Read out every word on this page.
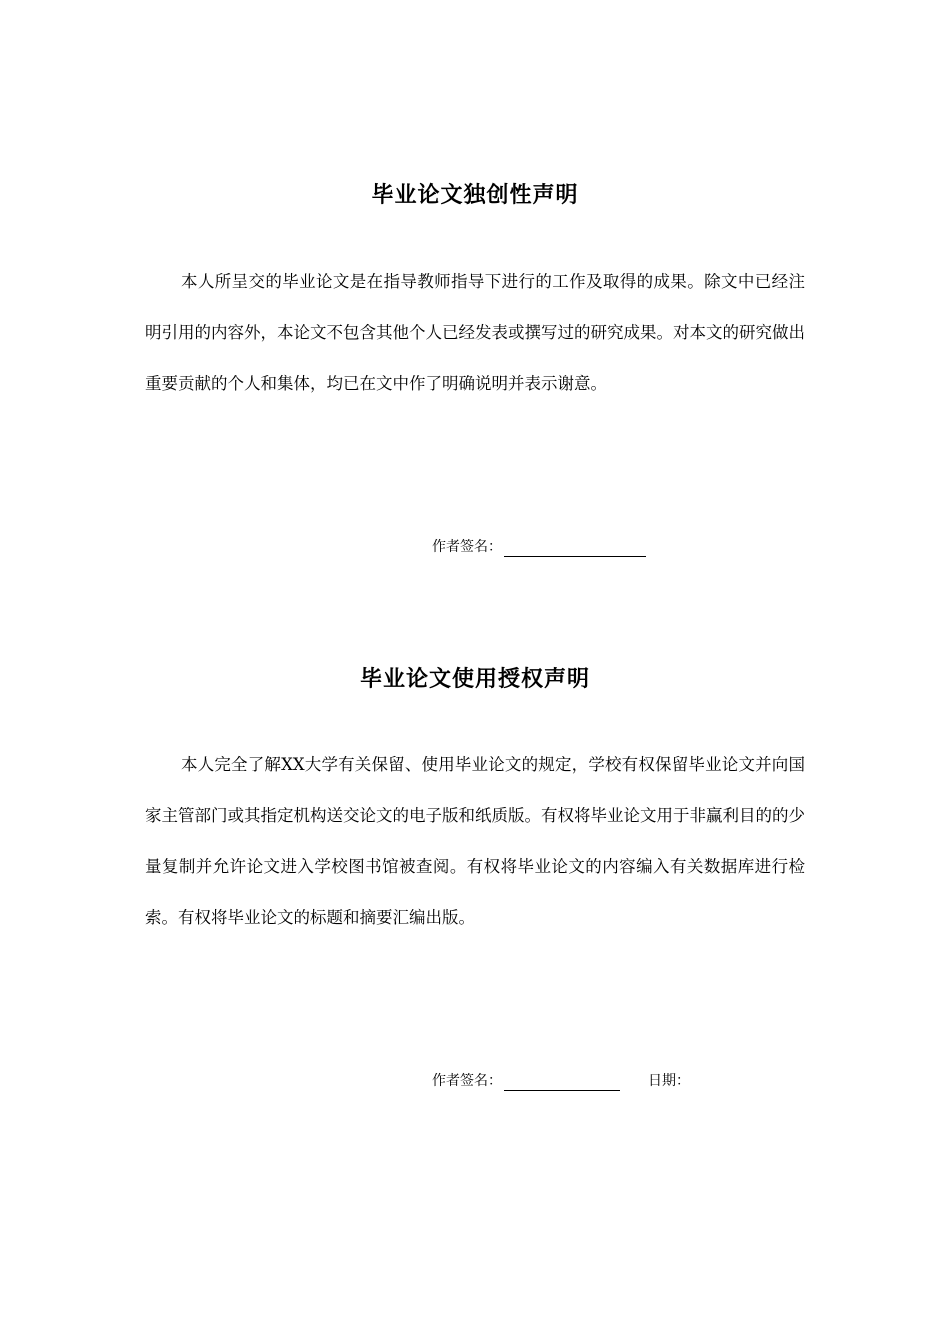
毕业论文独创性声明

本人所呈交的毕业论文是在指导教师指导下进行的工作及取得的成果。除文中已经注明引用的内容外，本论文不包含其他个人已经发表或撰写过的研究成果。对本文的研究做出重要贡献的个人和集体，均已在文中作了明确说明并表示谢意。

作者签名：
毕业论文使用授权声明

本人完全了解XX大学有关保留、使用毕业论文的规定，学校有权保留毕业论文并向国家主管部门或其指定机构送交论文的电子版和纸质版。有权将毕业论文用于非赢利目的的少量复制并允许论文进入学校图书馆被查阅。有权将毕业论文的内容编入有关数据库进行检索。有权将毕业论文的标题和摘要汇编出版。

作者签名：	日期：
